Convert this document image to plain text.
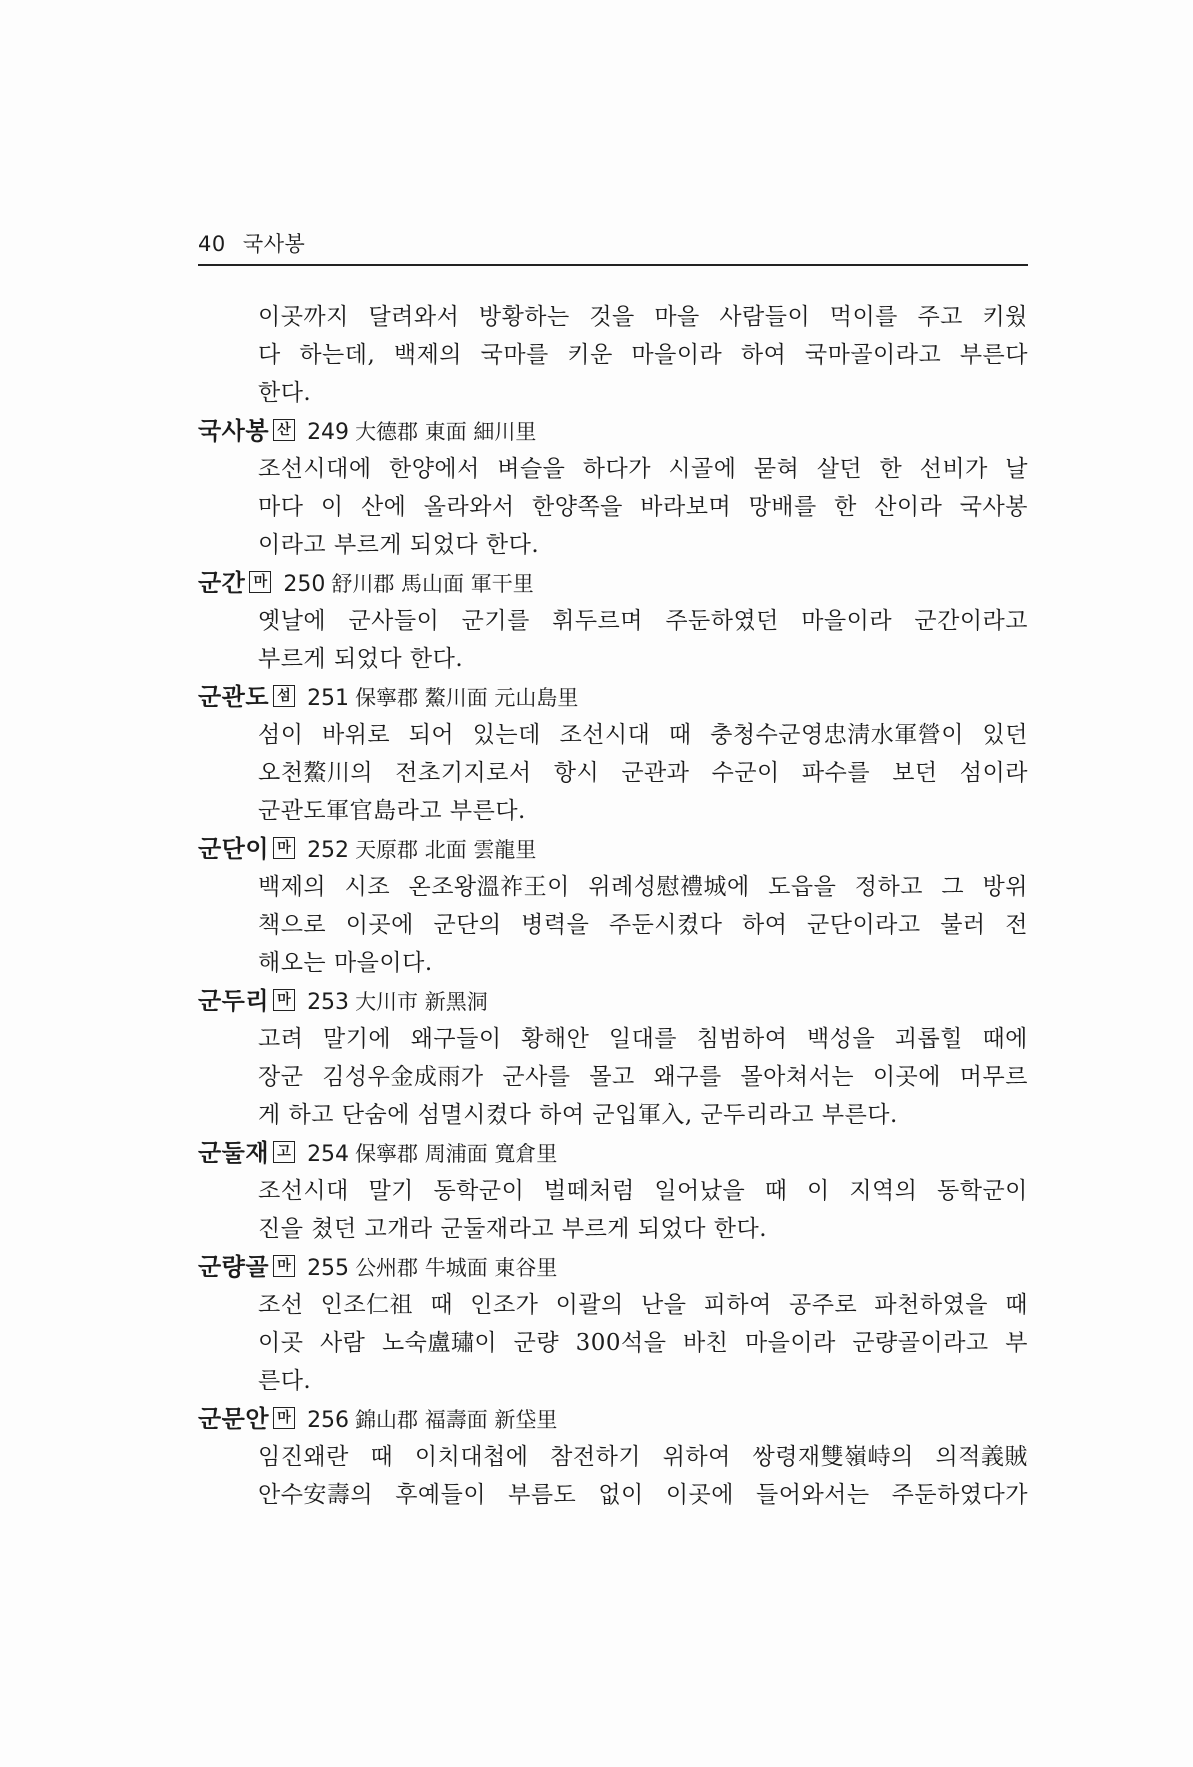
40 국사봉
이곳까지 달려와서 방황하는 것을 마을 사람들이 먹이를 주고 키웠
다 하는데, 백제의 국마를 키운 마을이라 하여 국마골이라고 부른다
한다.
국사봉 산 249 大德郡 東面 細川里
조선시대에 한양에서 벼슬을 하다가 시골에 묻혀 살던 한 선비가 날
마다 이 산에 올라와서 한양쪽을 바라보며 망배를 한 산이라 국사봉
이라고 부르게 되었다 한다.
군간 마 250 舒川郡 馬山面 軍干里
옛날에 군사들이 군기를 휘두르며 주둔하였던 마을이라 군간이라고
부르게 되었다 한다.
군관도 섬 251 保寧郡 鰲川面 元山島里
섬이 바위로 되어 있는데 조선시대 때 충청수군영忠淸水軍營이 있던
오천鰲川의 전초기지로서 항시 군관과 수군이 파수를 보던 섬이라
군관도軍官島라고 부른다.
군단이 마 252 天原郡 北面 雲龍里
백제의 시조 온조왕溫祚王이 위례성慰禮城에 도읍을 정하고 그 방위
책으로 이곳에 군단의 병력을 주둔시켰다 하여 군단이라고 불러 전
해오는 마을이다.
군두리 마 253 大川市 新黑洞
고려 말기에 왜구들이 황해안 일대를 침범하여 백성을 괴롭힐 때에
장군 김성우金成雨가 군사를 몰고 왜구를 몰아쳐서는 이곳에 머무르
게 하고 단숨에 섬멸시켰다 하여 군입軍入, 군두리라고 부른다.
군둘재 고 254 保寧郡 周浦面 寬倉里
조선시대 말기 동학군이 벌떼처럼 일어났을 때 이 지역의 동학군이
진을 쳤던 고개라 군둘재라고 부르게 되었다 한다.
군량골 마 255 公州郡 牛城面 東谷里
조선 인조仁祖 때 인조가 이괄의 난을 피하여 공주로 파천하였을 때
이곳 사람 노숙盧璛이 군량 300석을 바친 마을이라 군량골이라고 부
른다.
군문안 마 256 錦山郡 福壽面 新垈里
임진왜란 때 이치대첩에 참전하기 위하여 쌍령재雙嶺峙의 의적義賊
안수安壽의 후예들이 부름도 없이 이곳에 들어와서는 주둔하였다가
